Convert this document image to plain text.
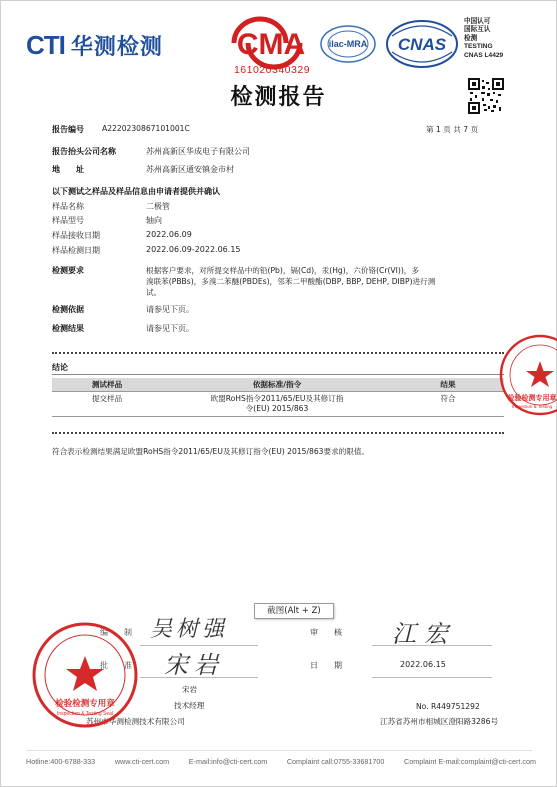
CTI 华测检测 CMA
161020340329
ilac-MRA CNAS
中国认可
国际互认
检测
TESTING
CNAS L4429
检测报告
报告编号 A2220230867101001C	第 1 页 共 7 页
报告抬头公司名称	苏州高新区华成电子有限公司
地　　址	苏州高新区通安镇金市村
以下测试之样品及样品信息由申请者提供并确认
样品名称	二极管
样品型号	轴向
样品接收日期	2022.06.09
样品检测日期	2022.06.09-2022.06.15
检测要求	根据客户要求，对所提交样品中的铅(Pb)，镉(Cd)，汞(Hg)，六价铬(Cr(VI))，多
溴联苯(PBBs)，多溴二苯醚(PBDEs)，邻苯二甲酸酯(DBP, BBP, DEHP, DIBP)进行测
试。
检测依据	请参见下页。
检测结果	请参见下页。
结论
测试样品	依据标准/指令	结果
提交样品	欧盟RoHS指令2011/65/EU及其修订指
令(EU) 2015/863	符合
符合表示检测结果满足欧盟RoHS指令2011/65/EU及其修订指令(EU) 2015/863要求的限值。
检验检测专用章
Inspection & Testing
编　　制 吴树强
截图(Alt + Z)
审　　核 江宏
批　　准 宋岩	日　　期	2022.06.15
宋岩
技术经理
苏州市华测检测技术有限公司
No. R449751292
江苏省苏州市相城区澄阳路3286号
检验检测专用章
Inspection & Testing Seal
Hotline:400-6788-333	www.cti-cert.com	E-mail:info@cti-cert.com	Complaint call:0755-33681700	Complaint E-mail:complaint@cti-cert.com
